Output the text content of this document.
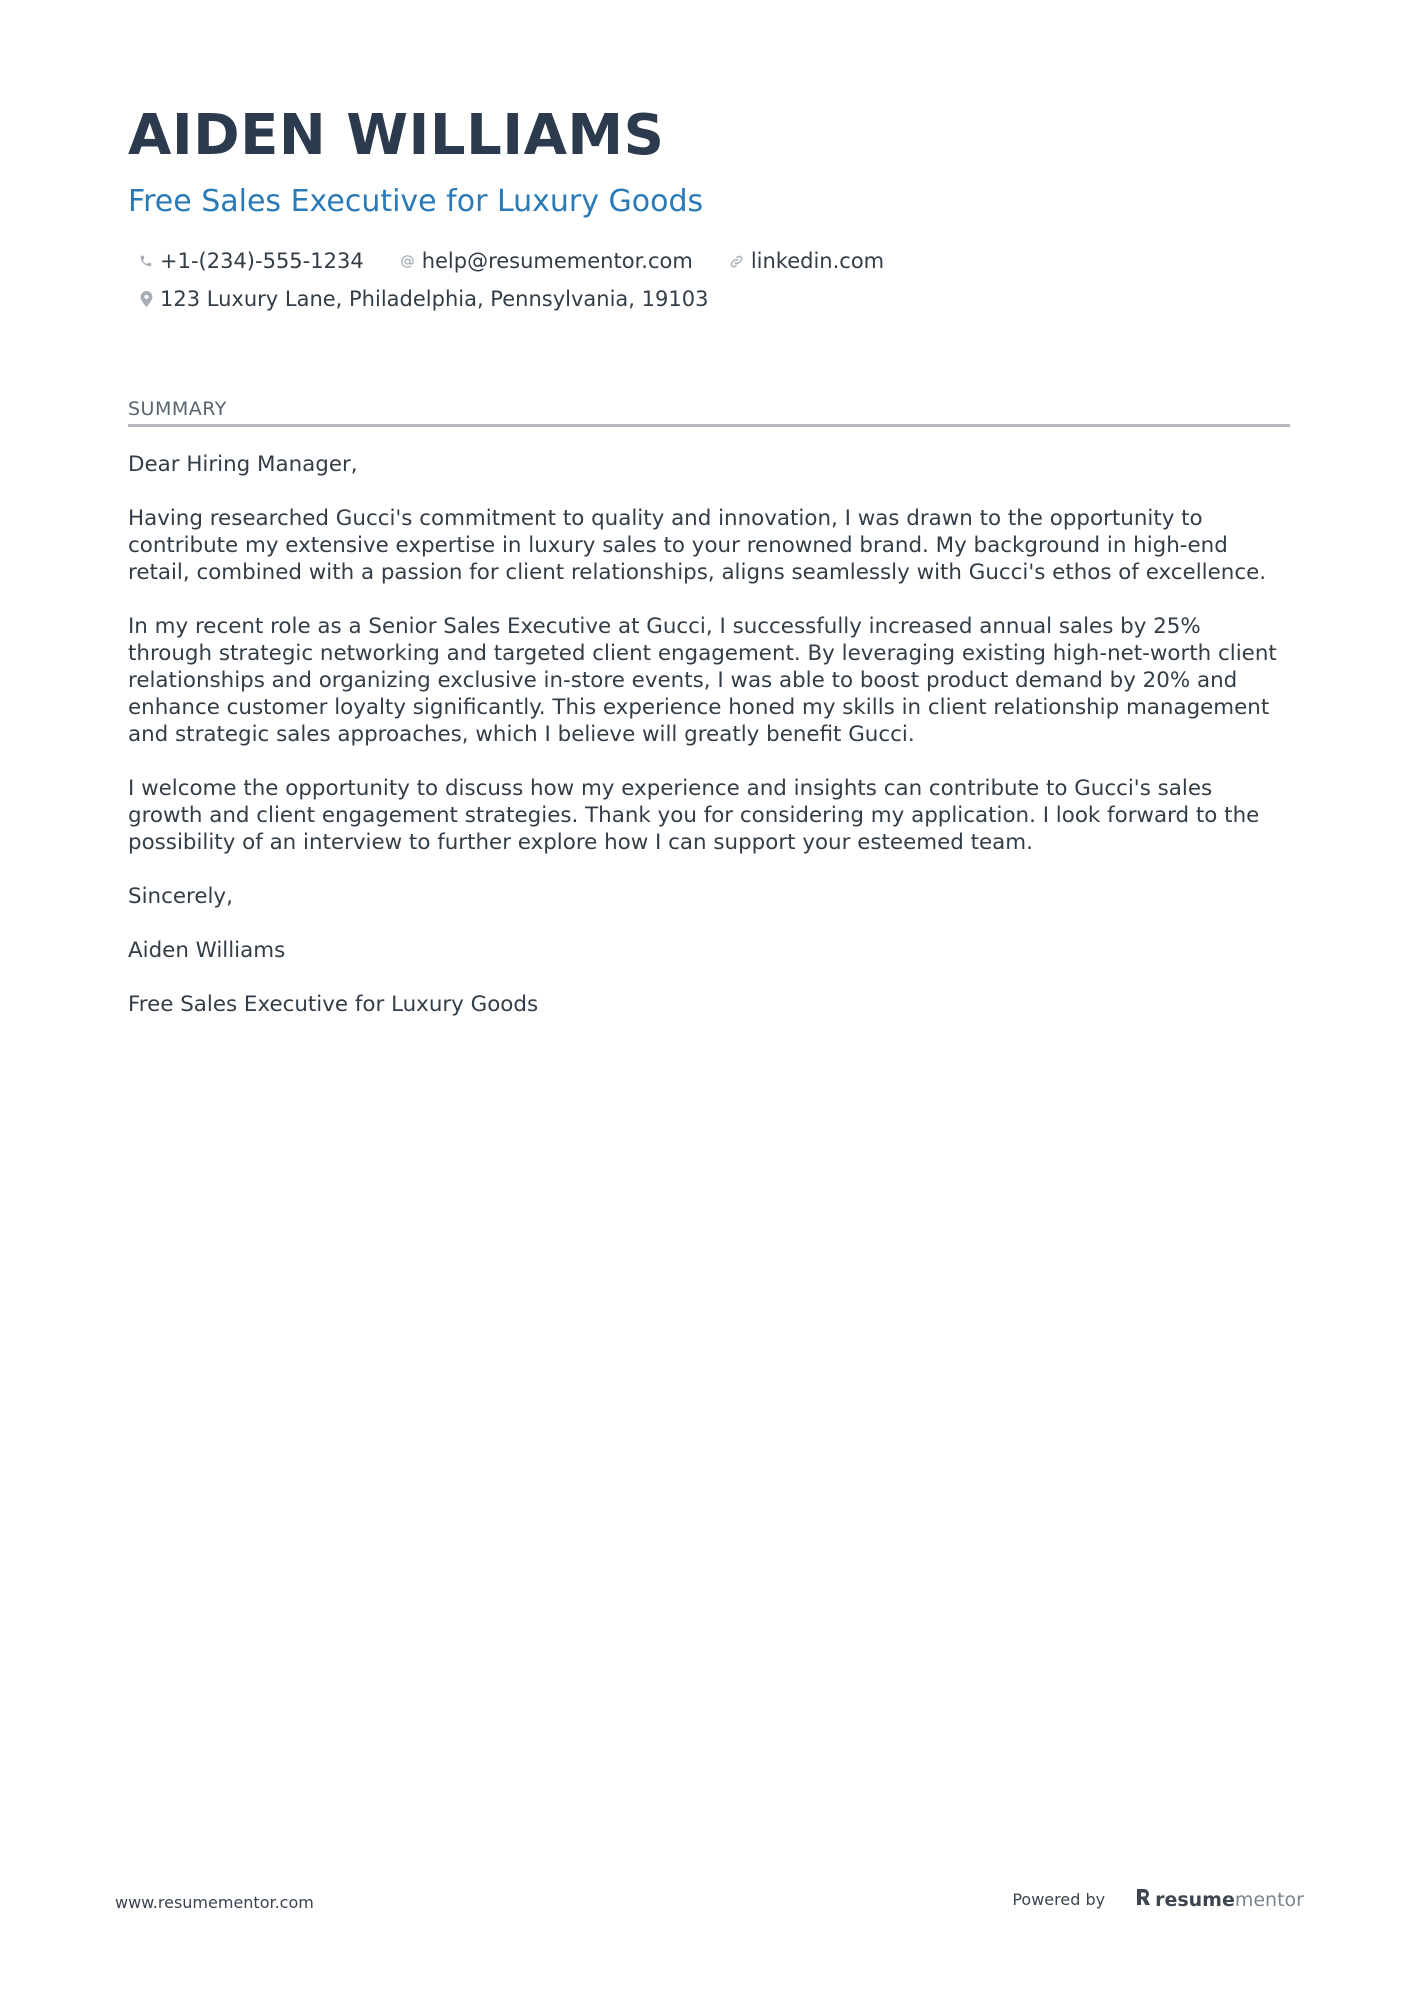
AIDEN WILLIAMS
Free Sales Executive for Luxury Goods
+1-(234)-555-1234	help@resumementor.com	linkedin.com
123 Luxury Lane, Philadelphia, Pennsylvania, 19103
SUMMARY

Dear Hiring Manager,

Having researched Gucci's commitment to quality and innovation, I was drawn to the opportunity to contribute my extensive expertise in luxury sales to your renowned brand. My background in high-end retail, combined with a passion for client relationships, aligns seamlessly with Gucci's ethos of excellence.

In my recent role as a Senior Sales Executive at Gucci, I successfully increased annual sales by 25% through strategic networking and targeted client engagement. By leveraging existing high-net-worth client relationships and organizing exclusive in-store events, I was able to boost product demand by 20% and enhance customer loyalty significantly. This experience honed my skills in client relationship management and strategic sales approaches, which I believe will greatly benefit Gucci.

I welcome the opportunity to discuss how my experience and insights can contribute to Gucci's sales growth and client engagement strategies. Thank you for considering my application. I look forward to the possibility of an interview to further explore how I can support your esteemed team.

Sincerely,

Aiden Williams

Free Sales Executive for Luxury Goods

www.resumementor.com	Powered by	resume mentor
